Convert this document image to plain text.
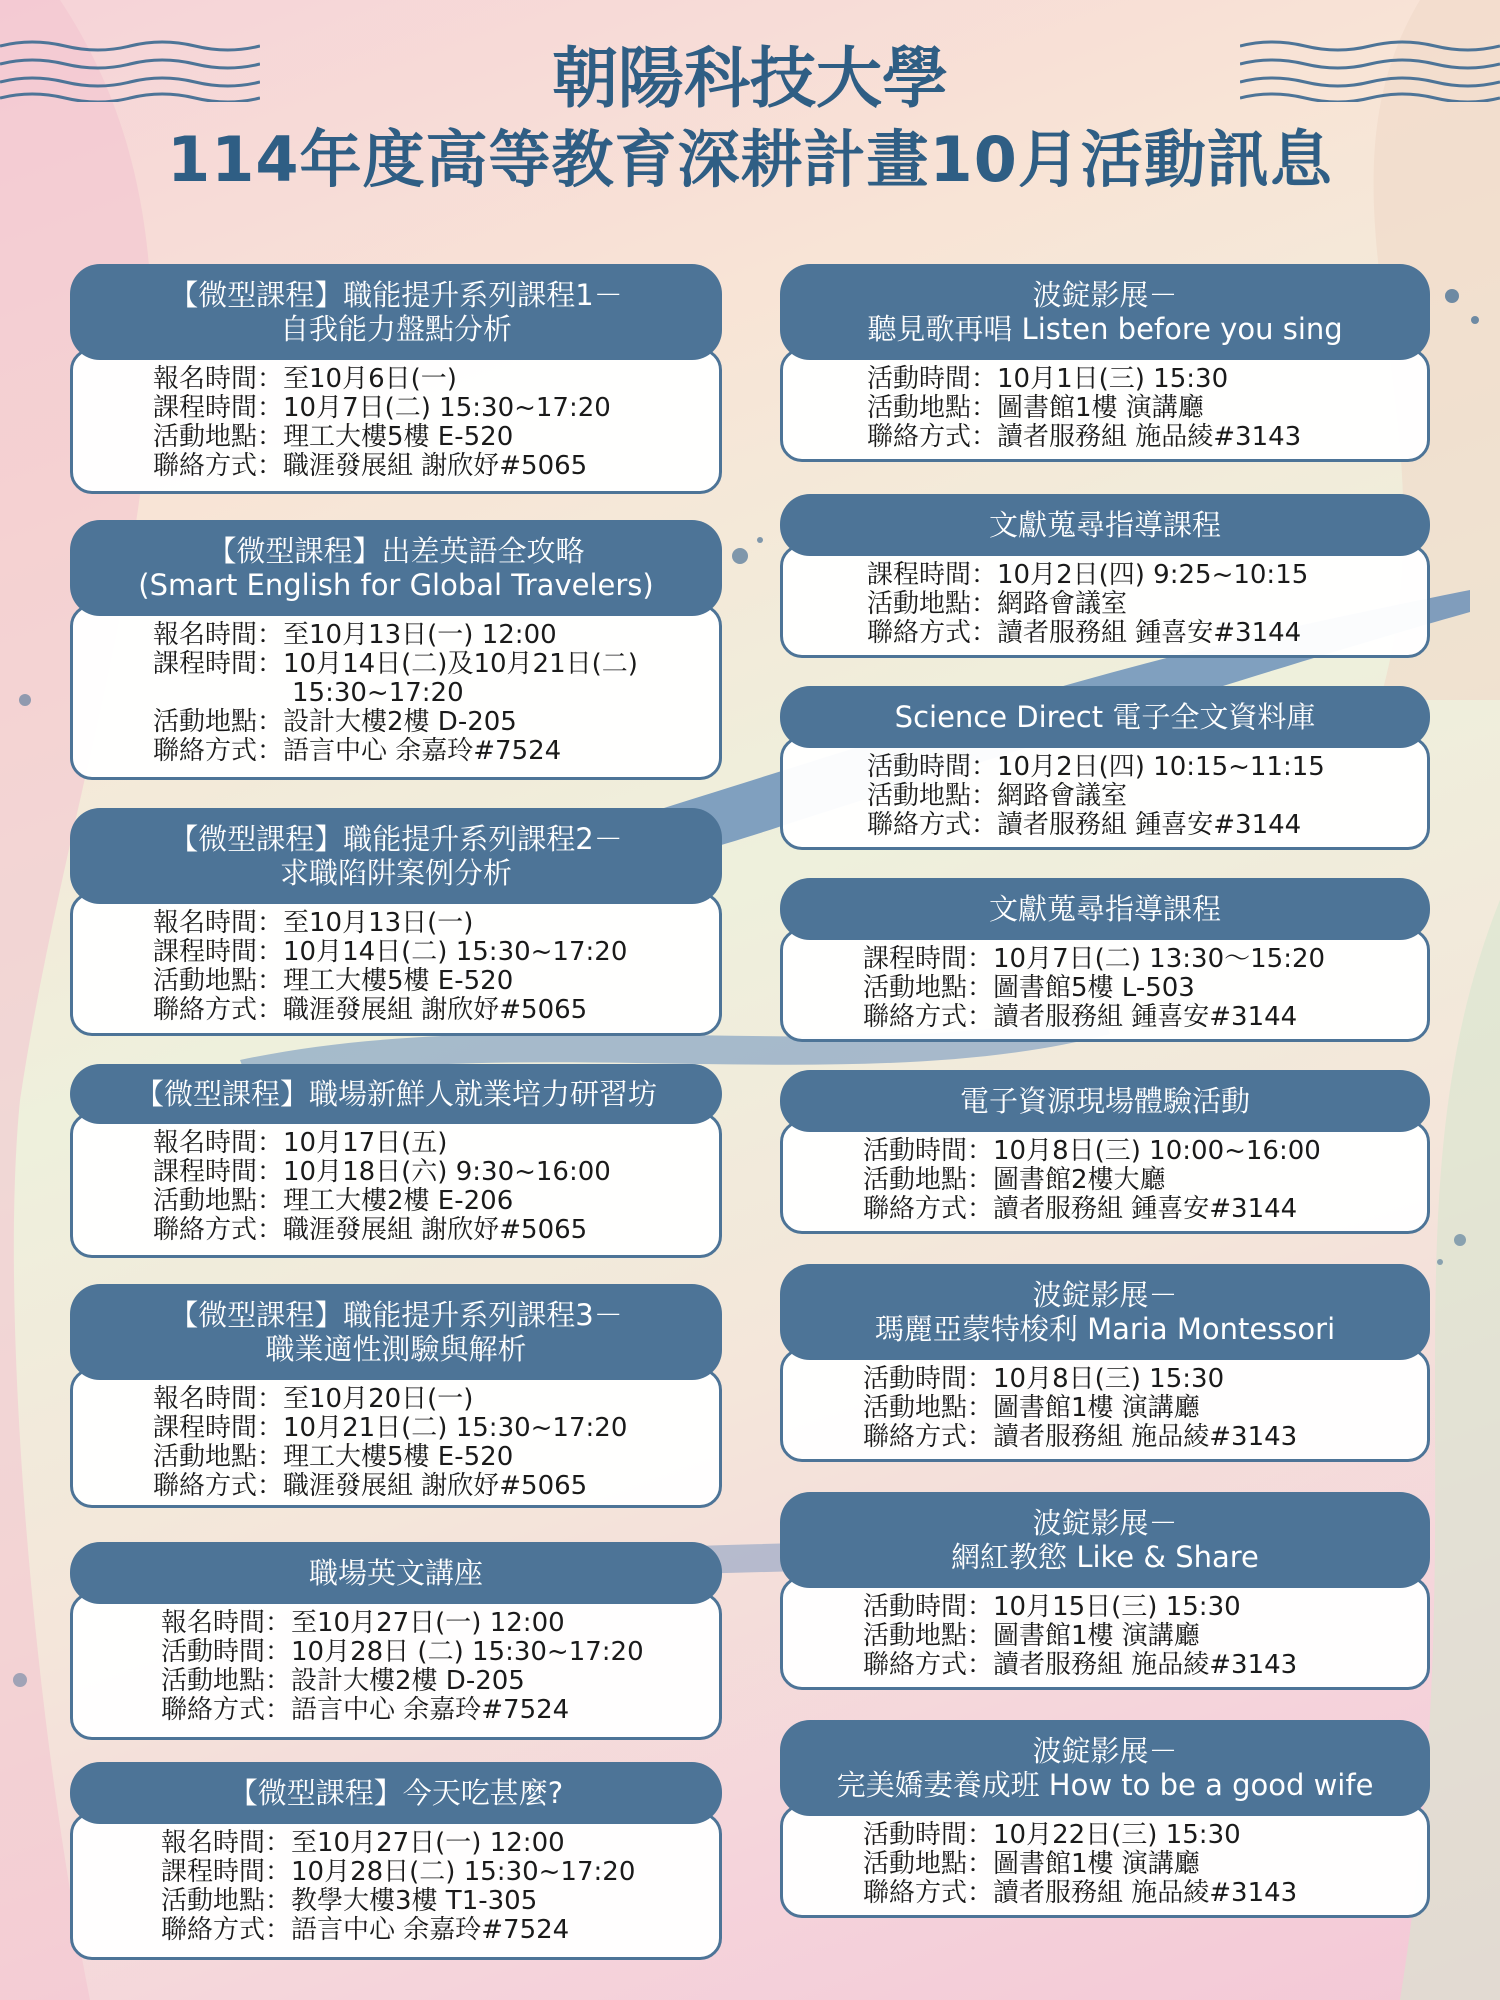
朝陽科技大學
114年度高等教育深耕計畫10月活動訊息
【微型課程】職能提升系列課程1－
自我能力盤點分析
報名時間：至10月6日(一)
課程時間：10月7日(二) 15:30~17:20
活動地點：理工大樓5樓 E-520
聯絡方式：職涯發展組 謝欣妤#5065
【微型課程】出差英語全攻略
(Smart English for Global Travelers)
報名時間：至10月13日(一) 12:00
課程時間：10月14日(二)及10月21日(二)
15:30~17:20
活動地點：設計大樓2樓 D-205
聯絡方式：語言中心 余嘉玲#7524
【微型課程】職能提升系列課程2－
求職陷阱案例分析
報名時間：至10月13日(一)
課程時間：10月14日(二) 15:30~17:20
活動地點：理工大樓5樓 E-520
聯絡方式：職涯發展組 謝欣妤#5065
【微型課程】職場新鮮人就業培力研習坊
報名時間：10月17日(五)
課程時間：10月18日(六) 9:30~16:00
活動地點：理工大樓2樓 E-206
聯絡方式：職涯發展組 謝欣妤#5065
【微型課程】職能提升系列課程3－
職業適性測驗與解析
報名時間：至10月20日(一)
課程時間：10月21日(二) 15:30~17:20
活動地點：理工大樓5樓 E-520
聯絡方式：職涯發展組 謝欣妤#5065
職場英文講座
報名時間：至10月27日(一) 12:00
活動時間：10月28日 (二) 15:30~17:20
活動地點：設計大樓2樓 D-205
聯絡方式：語言中心 余嘉玲#7524
【微型課程】今天吃甚麼?
報名時間：至10月27日(一) 12:00
課程時間：10月28日(二) 15:30~17:20
活動地點：教學大樓3樓 T1-305
聯絡方式：語言中心 余嘉玲#7524
波錠影展－
聽見歌再唱 Listen before you sing
活動時間：10月1日(三) 15:30
活動地點：圖書館1樓 演講廳
聯絡方式：讀者服務組 施品綾#3143
文獻蒐尋指導課程
課程時間：10月2日(四) 9:25~10:15
活動地點：網路會議室
聯絡方式：讀者服務組 鍾喜安#3144
Science Direct 電子全文資料庫
活動時間：10月2日(四) 10:15~11:15
活動地點：網路會議室
聯絡方式：讀者服務組 鍾喜安#3144
文獻蒐尋指導課程
課程時間：10月7日(二) 13:30～15:20
活動地點：圖書館5樓 L-503
聯絡方式：讀者服務組 鍾喜安#3144
電子資源現場體驗活動
活動時間：10月8日(三) 10:00~16:00
活動地點：圖書館2樓大廳
聯絡方式：讀者服務組 鍾喜安#3144
波錠影展－
瑪麗亞蒙特梭利 Maria Montessori
活動時間：10月8日(三) 15:30
活動地點：圖書館1樓 演講廳
聯絡方式：讀者服務組 施品綾#3143
波錠影展－
網紅教慾 Like & Share
活動時間：10月15日(三) 15:30
活動地點：圖書館1樓 演講廳
聯絡方式：讀者服務組 施品綾#3143
波錠影展－
完美嬌妻養成班 How to be a good wife
活動時間：10月22日(三) 15:30
活動地點：圖書館1樓 演講廳
聯絡方式：讀者服務組 施品綾#3143
